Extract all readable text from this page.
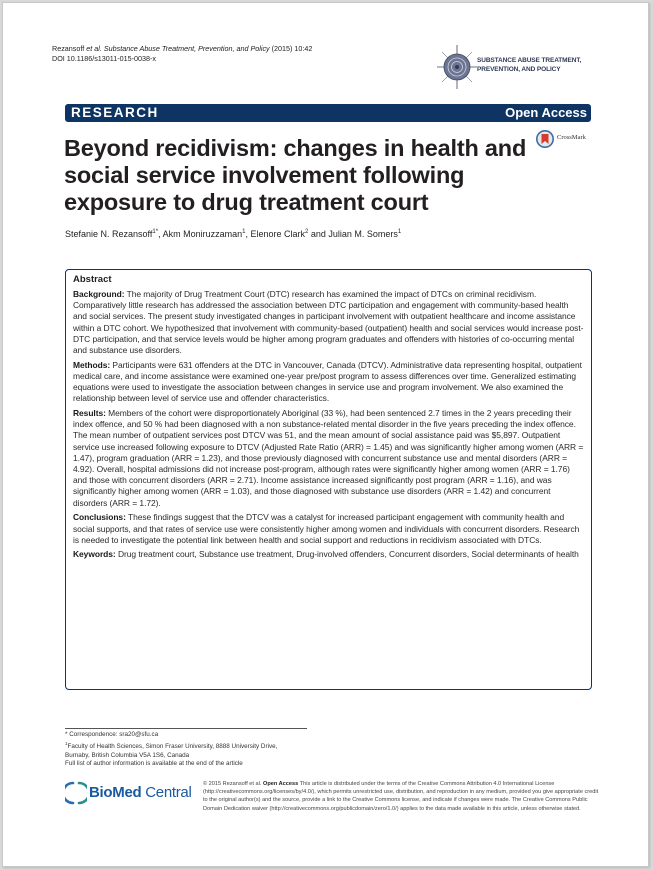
Rezansoff et al. Substance Abuse Treatment, Prevention, and Policy (2015) 10:42
DOI 10.1186/s13011-015-0038-x	SUBSTANCE ABUSE TREATMENT,
PREVENTION, AND POLICY
RESEARCH	Open Access
CrossMark
Beyond recidivism: changes in health and social service involvement following exposure to drug treatment court
Stefanie N. Rezansoff$^{1*}$, Akm Moniruzzaman$^1$, Elenore Clark$^2$ and Julian M. Somers$^1$
Abstract

Background: The majority of Drug Treatment Court (DTC) research has examined the impact of DTCs on criminal recidivism. Comparatively little research has addressed the association between DTC participation and engagement with community-based health and social services. The present study investigated changes in participant involvement with outpatient healthcare and income assistance within a DTC cohort. We hypothesized that involvement with community-based (outpatient) health and social services would increase post-DTC participation, and that service levels would be higher among program graduates and offenders with histories of co-occurring mental and substance use disorders.

Methods: Participants were 631 offenders at the DTC in Vancouver, Canada (DTCV). Administrative data representing hospital, outpatient medical care, and income assistance were examined one-year pre/post program to assess differences over time. Generalized estimating equations were used to investigate the association between changes in service use and program involvement. We also examined the relationship between level of service use and offender characteristics.

Results: Members of the cohort were disproportionately Aboriginal (33 %), had been sentenced 2.7 times in the 2 years preceding their index offence, and 50 % had been diagnosed with a non substance-related mental disorder in the five years preceding the index offence. The mean number of outpatient services post DTCV was 51, and the mean amount of social assistance paid was $5,897. Outpatient service use increased following exposure to DTCV (Adjusted Rate Ratio (ARR) = 1.45) and was significantly higher among women (ARR = 1.47), program graduation (ARR = 1.23), and those previously diagnosed with concurrent substance use and mental disorders (ARR = 4.92). Overall, hospital admissions did not increase post-program, although rates were significantly higher among women (ARR = 1.76) and those with concurrent disorders (ARR = 2.71). Income assistance increased significantly post program (ARR = 1.16), and was significantly higher among women (ARR = 1.03), and those diagnosed with substance use disorders (ARR = 1.42) and concurrent disorders (ARR = 1.72).

Conclusions: These findings suggest that the DTCV was a catalyst for increased participant engagement with community health and social supports, and that rates of service use were consistently higher among women and individuals with concurrent disorders. Research is needed to investigate the potential link between health and social support and reductions in recidivism associated with DTCs.

Keywords: Drug treatment court, Substance use treatment, Drug-involved offenders, Concurrent disorders, Social determinants of health

* Correspondence: sra20@sfu.ca
$^1$Faculty of Health Sciences, Simon Fraser University, 8888 University Drive,
Burnaby, British Columbia V5A 1S6, Canada
Full list of author information is available at the end of the article
BioMed Central © 2015 Rezansoff et al. Open Access This article is distributed under the terms of the Creative Commons Attribution 4.0 International License (http://creativecommons.org/licenses/by/4.0/), which permits unrestricted use, distribution, and reproduction in any medium, provided you give appropriate credit to the original author(s) and the source, provide a link to the Creative Commons license, and indicate if changes were made. The Creative Commons Public Domain Dedication waiver (http://creativecommons.org/publicdomain/zero/1.0/) applies to the data made available in this article, unless otherwise stated.
